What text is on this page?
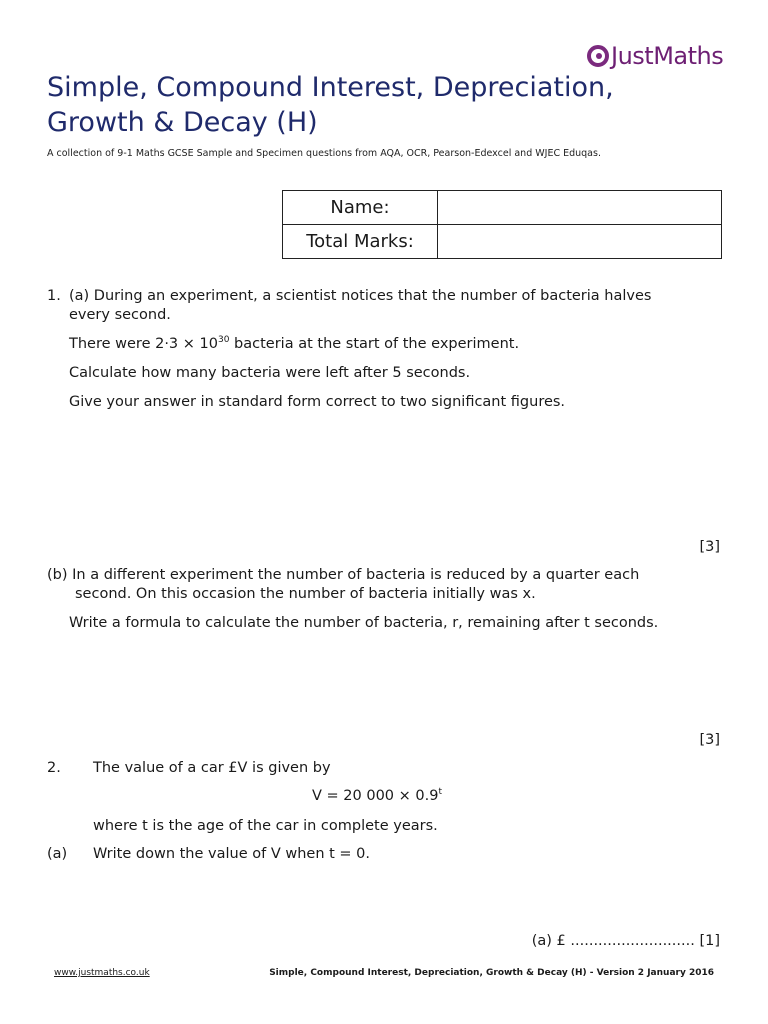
JustMaths
Simple, Compound Interest, Depreciation,
Growth & Decay (H)
A collection of 9-1 Maths GCSE Sample and Specimen questions from AQA, OCR, Pearson-Edexcel and WJEC Eduqas.
Name:	
Total Marks:	
1. (a) During an experiment, a scientist notices that the number of bacteria halves
every second.
There were $2\cdot 3 \times 10^{30}$ bacteria at the start of the experiment.
Calculate how many bacteria were left after 5 seconds.
Give your answer in standard form correct to two significant figures.
[3]
(b) In a different experiment the number of bacteria is reduced by a quarter each
second. On this occasion the number of bacteria initially was x.
Write a formula to calculate the number of bacteria, r, remaining after t seconds.
[3]
2. The value of a car £V is given by
V = 20 $000 \times 0.9^t$
where t is the age of the car in complete years.
(a) Write down the value of V when t = 0.
(a) £ ........................... [1]
www.justmaths.co.uk	Simple, Compound Interest, Depreciation, Growth & Decay (H) - Version 2 January 2016
